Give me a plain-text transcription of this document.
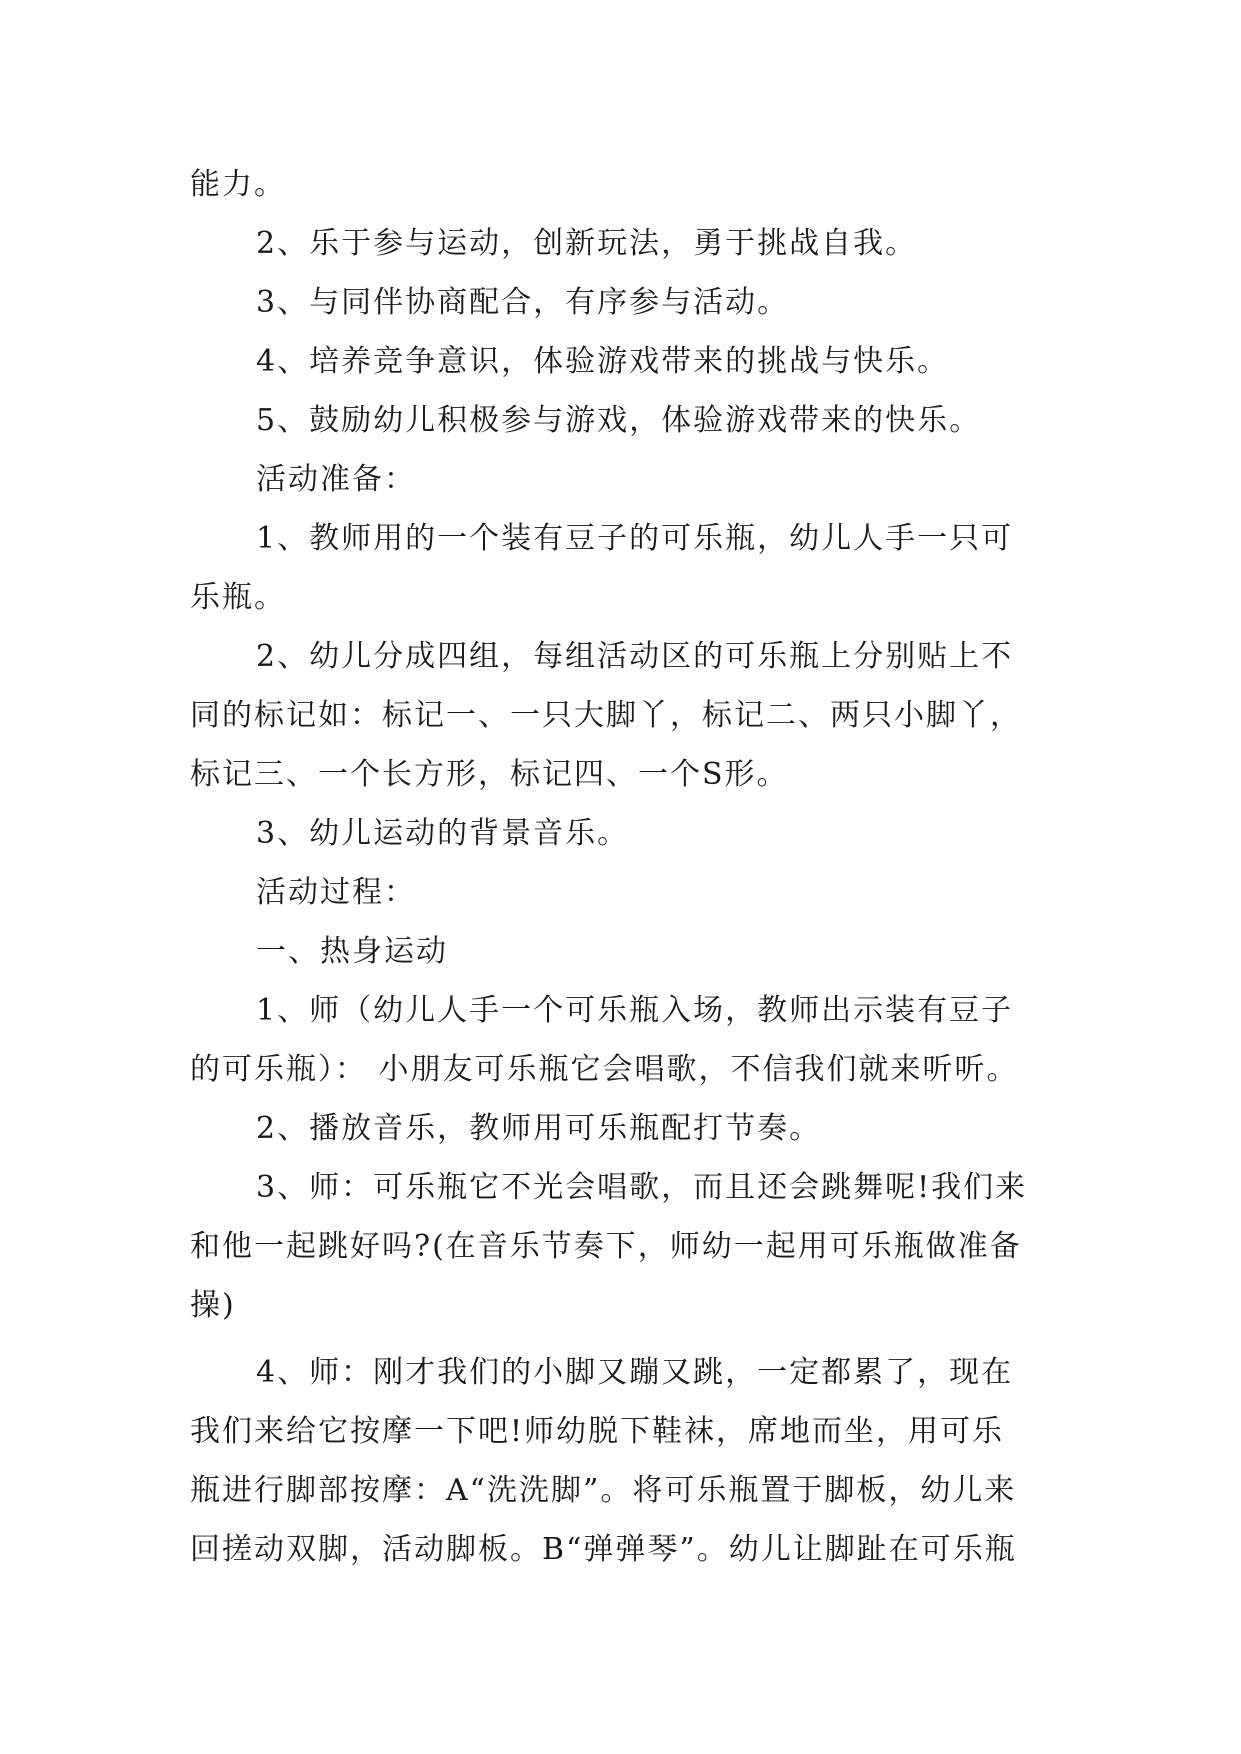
能力。

2、乐于参与运动，创新玩法，勇于挑战自我。

3、与同伴协商配合，有序参与活动。

4、培养竞争意识，体验游戏带来的挑战与快乐。

5、鼓励幼儿积极参与游戏，体验游戏带来的快乐。

活动准备：

1、教师用的一个装有豆子的可乐瓶，幼儿人手一只可

乐瓶。

2、幼儿分成四组，每组活动区的可乐瓶上分别贴上不

同的标记如：标记一、一只大脚丫，标记二、两只小脚丫，

标记三、一个长方形，标记四、一个S形。

3、幼儿运动的背景音乐。

活动过程：

一、热身运动

1、师（幼儿人手一个可乐瓶入场，教师出示装有豆子

的可乐瓶）： 小朋友可乐瓶它会唱歌，不信我们就来听听。

2、播放音乐，教师用可乐瓶配打节奏。

3、师：可乐瓶它不光会唱歌，而且还会跳舞呢!我们来

和他一起跳好吗?(在音乐节奏下，师幼一起用可乐瓶做准备

操)

4、师：刚才我们的小脚又蹦又跳，一定都累了，现在

我们来给它按摩一下吧!师幼脱下鞋袜，席地而坐，用可乐

瓶进行脚部按摩：A“洗洗脚”。将可乐瓶置于脚板，幼儿来

回搓动双脚，活动脚板。B“弹弹琴”。幼儿让脚趾在可乐瓶
